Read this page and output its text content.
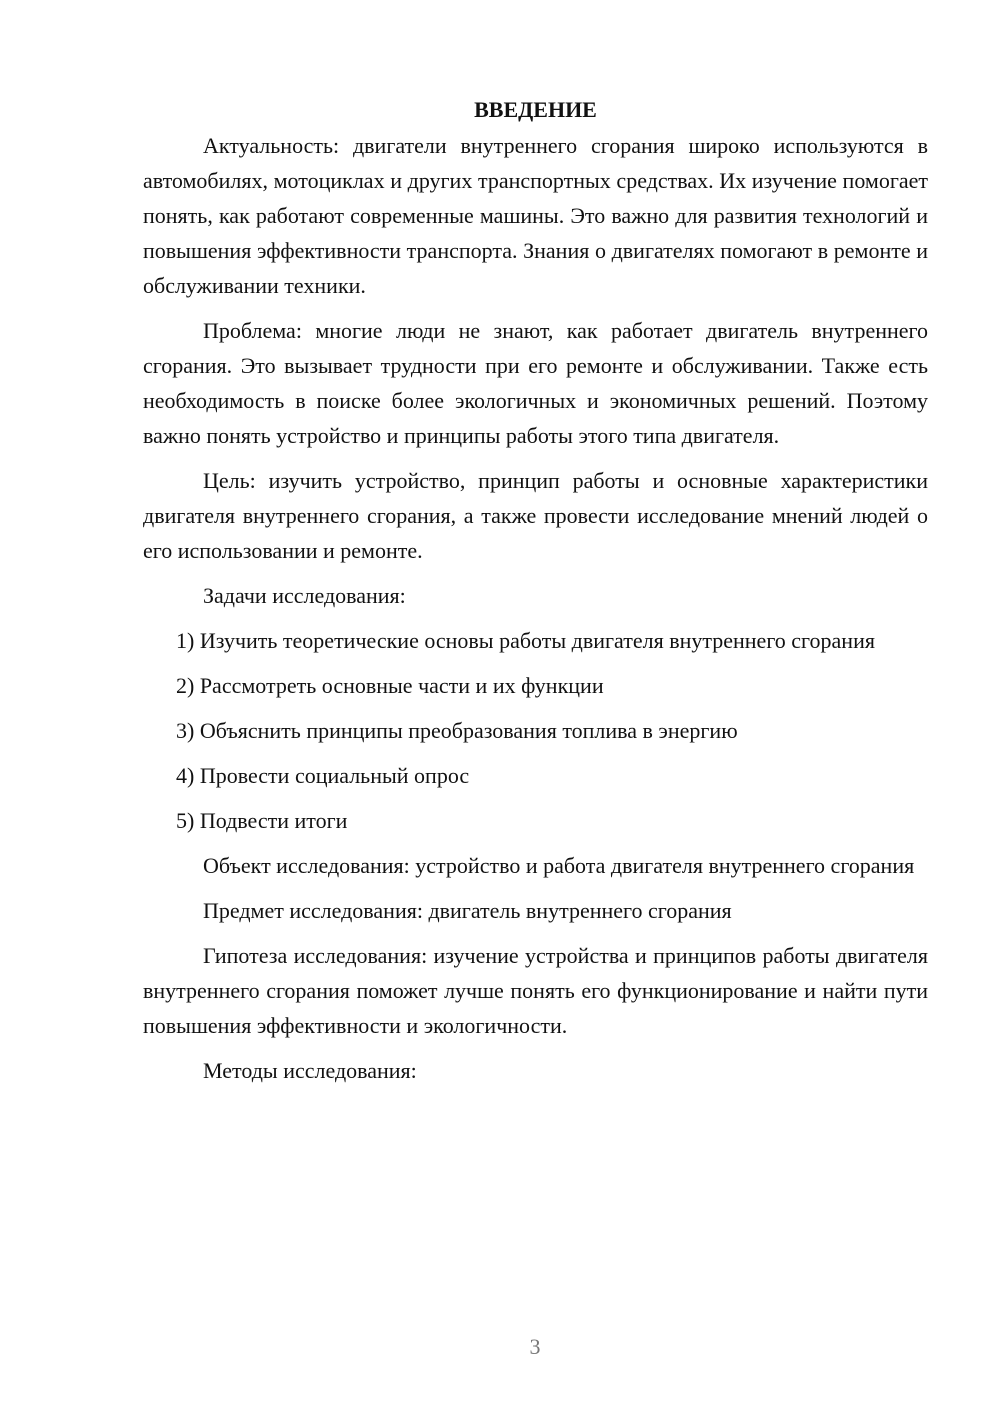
ВВЕДЕНИЕ

Актуальность: двигатели внутреннего сгорания широко используются в автомобилях, мотоциклах и других транспортных средствах. Их изучение помогает понять, как работают современные машины. Это важно для развития технологий и повышения эффективности транспорта. Знания о двигателях помогают в ремонте и обслуживании техники.

Проблема: многие люди не знают, как работает двигатель внутреннего сгорания. Это вызывает трудности при его ремонте и обслуживании. Также есть необходимость в поиске более экологичных и экономичных решений. Поэтому важно понять устройство и принципы работы этого типа двигателя.

Цель: изучить устройство, принцип работы и основные характеристики двигателя внутреннего сгорания, а также провести исследование мнений людей о его использовании и ремонте.

Задачи исследования:

1) Изучить теоретические основы работы двигателя внутреннего сгорания

2) Рассмотреть основные части и их функции

3) Объяснить принципы преобразования топлива в энергию

4) Провести социальный опрос

5) Подвести итоги

Объект исследования: устройство и работа двигателя внутреннего сгорания

Предмет исследования: двигатель внутреннего сгорания

Гипотеза исследования: изучение устройства и принципов работы двигателя внутреннего сгорания поможет лучше понять его функционирование и найти пути повышения эффективности и экологичности.

Методы исследования:

3
